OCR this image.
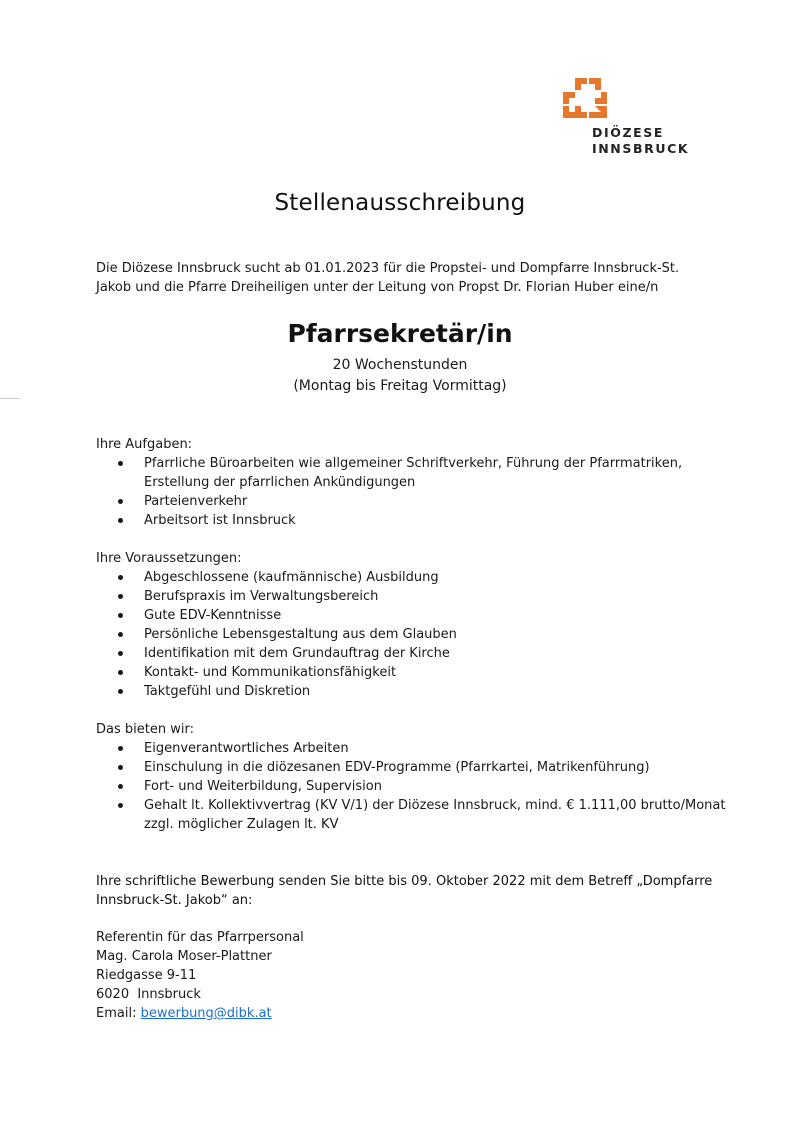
DIÖZESE
INNSBRUCK
Stellenausschreibung

Die Diözese Innsbruck sucht ab 01.01.2023 für die Propstei- und Dompfarre Innsbruck-St. Jakob und die Pfarre Dreiheiligen unter der Leitung von Propst Dr. Florian Huber eine/n

Pfarrsekretär/in
20 Wochenstunden
(Montag bis Freitag Vormittag)
Ihre Aufgaben:
Pfarrliche Büroarbeiten wie allgemeiner Schriftverkehr, Führung der Pfarrmatriken, Erstellung der pfarrlichen Ankündigungen
Parteienverkehr
Arbeitsort ist Innsbruck
Ihre Voraussetzungen:
Abgeschlossene (kaufmännische) Ausbildung
Berufspraxis im Verwaltungsbereich
Gute EDV-Kenntnisse
Persönliche Lebensgestaltung aus dem Glauben
Identifikation mit dem Grundauftrag der Kirche
Kontakt- und Kommunikationsfähigkeit
Taktgefühl und Diskretion
Das bieten wir:
Eigenverantwortliches Arbeiten
Einschulung in die diözesanen EDV-Programme (Pfarrkartei, Matrikenführung)
Fort- und Weiterbildung, Supervision
Gehalt lt. Kollektivvertrag (KV V/1) der Diözese Innsbruck, mind. € 1.111,00 brutto/Monat zzgl. möglicher Zulagen lt. KV

Ihre schriftliche Bewerbung senden Sie bitte bis 09. Oktober 2022 mit dem Betreff „Dompfarre Innsbruck-St. Jakob“ an:

Referentin für das Pfarrpersonal
Mag. Carola Moser-Plattner
Riedgasse 9-11
6020  Innsbruck
Email: bewerbung@dibk.at
